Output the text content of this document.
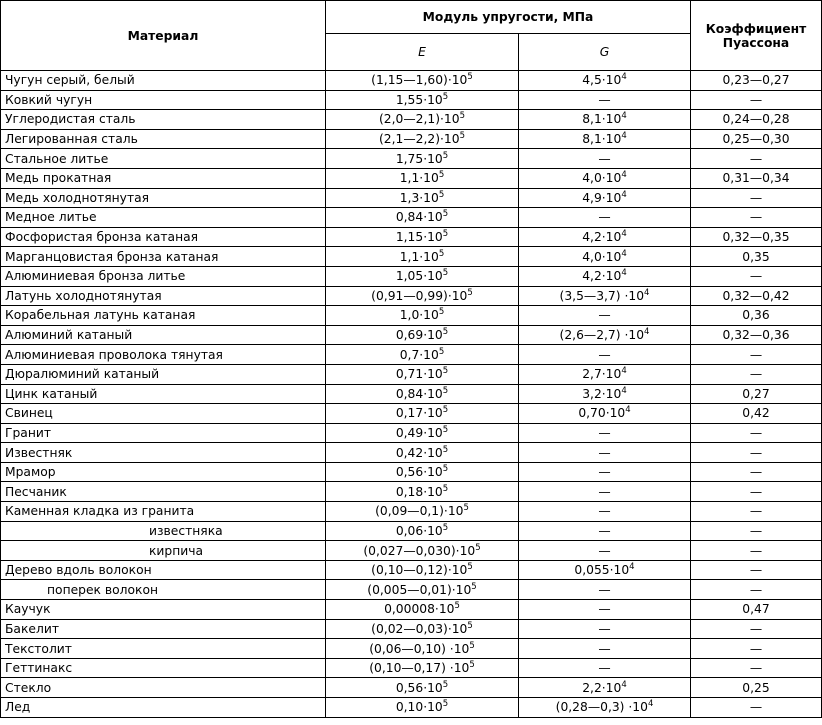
Материал	Модуль упругости, МПа		Коэффициент
Пуассона
	E	G	
Чугун серый, белый	$(1,15—1,60)\cdot 10^5$	$4,5\cdot 10^4$	0,23—0,27
Ковкий чугун	$1,55\cdot 10^5$	—	—
Углеродистая сталь	$(2,0—2,1)\cdot 10^5$	$8,1\cdot 10^4$	0,24—0,28
Легированная сталь	$(2,1—2,2)\cdot 10^5$	$8,1\cdot 10^4$	0,25—0,30
Стальное литье	$1,75\cdot 10^5$	—	—
Медь прокатная	$1,1\cdot 10^5$	$4,0\cdot 10^4$	0,31—0,34
Медь холоднотянутая	$1,3\cdot 10^5$	$4,9\cdot 10^4$	—
Медное литье	$0,84\cdot 10^5$	—	—
Фосфористая бронза катаная	$1,15\cdot 10^5$	$4,2\cdot 10^4$	0,32—0,35
Марганцовистая бронза катаная	$1,1\cdot 10^5$	$4,0\cdot 10^4$	0,35
Алюминиевая бронза литье	$1,05\cdot 10^5$	$4,2\cdot 10^4$	—
Латунь холоднотянутая	$(0,91—0,99)\cdot 10^5$	(3,5—3,7) $\cdot 10^4$	0,32—0,42
Корабельная латунь катаная	$1,0\cdot 10^5$	—	0,36
Алюминий катаный	$0,69\cdot 10^5$	(2,6—2,7) $\cdot 10^4$	0,32—0,36
Алюминиевая проволока тянутая	$0,7\cdot 10^5$	—	—
Дюралюминий катаный	$0,71\cdot 10^5$	$2,7\cdot 10^4$	—
Цинк катаный	$0,84\cdot 10^5$	$3,2\cdot 10^4$	0,27
Свинец	$0,17\cdot 10^5$	$0,70\cdot 10^4$	0,42
Гранит	$0,49\cdot 10^5$	—	—
Известняк	$0,42\cdot 10^5$	—	—
Мрамор	$0,56\cdot 10^5$	—	—
Песчаник	$0,18\cdot 10^5$	—	—
Каменная кладка из гранита	$(0,09—0,1)\cdot 10^5$	—	—
известняка	$0,06\cdot 10^5$	—	—
кирпича	$(0,027—0,030)\cdot 10^5$	—	—
Дерево вдоль волокон	$(0,10—0,12)\cdot 10^5$	$0,055\cdot 10^4$	—
поперек волокон	$(0,005—0,01)\cdot 10^5$	—	—
Каучук	$0,00008\cdot 10^5$	—	0,47
Бакелит	$(0,02—0,03)\cdot 10^5$	—	—
Текстолит	(0,06—0,10) $\cdot 10^5$	—	—
Геттинакс	(0,10—0,17) $\cdot 10^5$	—	—
Стекло	$0,56\cdot 10^5$	$2,2\cdot 10^4$	0,25
Лед	$0,10\cdot 10^5$	(0,28—0,3) $\cdot 10^4$	—
